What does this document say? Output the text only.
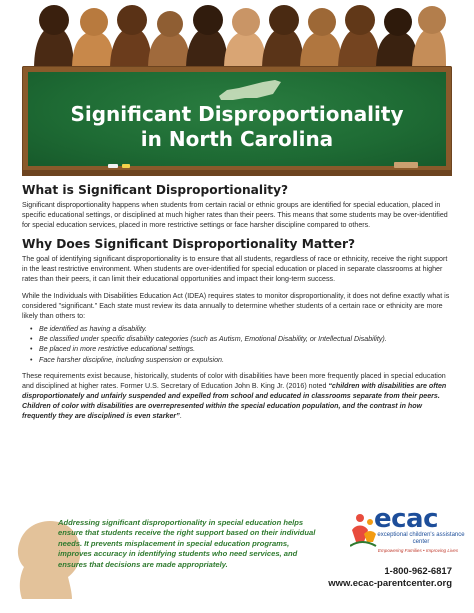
Significant Disproportionality
in North Carolina
What is Significant Disproportionality?

Significant disproportionality happens when students from certain racial or ethnic groups are identified for special education, placed in specific educational settings, or disciplined at much higher rates than their peers. This means that some students may be over-identified for special education services, placed in more restrictive settings or face harsher discipline compared to others.

Why Does Significant Disproportionality Matter?

The goal of identifying significant disproportionality is to ensure that all students, regardless of race or ethnicity, receive the right support in the least restrictive environment. When students are over-identified for special education or placed in separate classrooms at higher rates than their peers, it can limit their educational opportunities and impact their long-term success.

While the Individuals with Disabilities Education Act (IDEA) requires states to monitor disproportionality, it does not define exactly what is considered "significant." Each state must review its data annually to determine whether students of a certain race or ethnicity are more likely than others to:

• Be identified as having a disability.
• Be classified under specific disability categories (such as Autism, Emotional Disability, or Intellectual Disability).
• Be placed in more restrictive educational settings.
• Face harsher discipline, including suspension or expulsion.

These requirements exist because, historically, students of color with disabilities have been more frequently placed in special education and disciplined at higher rates. Former U.S. Secretary of Education John B. King Jr. (2016) noted “children with disabilities are often disproportionately and unfairly suspended and expelled from school and educated in classrooms separate from their peers. Children of color with disabilities are overrepresented within the special education population, and the contrast in how frequently they are disciplined is even starker”.

Addressing significant disproportionality in special education helps ensure that students receive the right support based on their individual needs. It prevents misplacement in special education programs, improves accuracy in identifying students who need services, and ensures that decisions are made appropriately.
ecac
exceptional children's assistance center
Empowering Families • Improving Lives
1-800-962-6817
www.ecac-parentcenter.org
